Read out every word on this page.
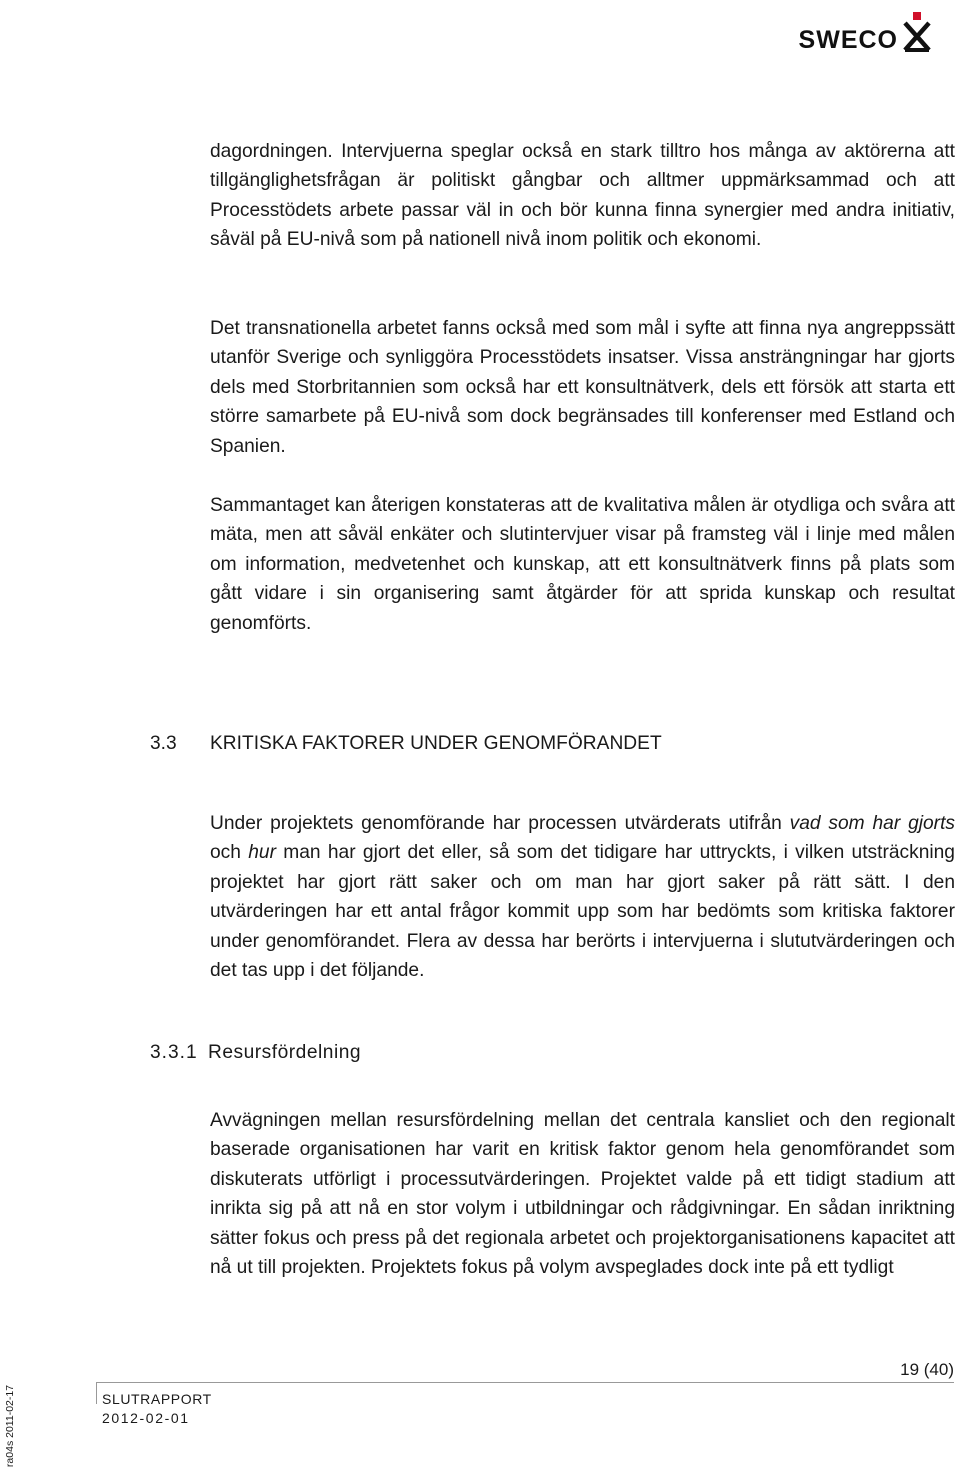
SWECO

dagordningen. Intervjuerna speglar också en stark tilltro hos många av aktörerna att tillgänglighetsfrågan är politiskt gångbar och alltmer uppmärksammad och att Processtödets arbete passar väl in och bör kunna finna synergier med andra initiativ, såväl på EU-nivå som på nationell nivå inom politik och ekonomi.

Det transnationella arbetet fanns också med som mål i syfte att finna nya angreppssätt utanför Sverige och synliggöra Processtödets insatser. Vissa ansträngningar har gjorts dels med Storbritannien som också har ett konsultnätverk, dels ett försök att starta ett större samarbete på EU-nivå som dock begränsades till konferenser med Estland och Spanien.

Sammantaget kan återigen konstateras att de kvalitativa målen är otydliga och svåra att mäta, men att såväl enkäter och slutintervjuer visar på framsteg väl i linje med målen om information, medvetenhet och kunskap, att ett konsultnätverk finns på plats som gått vidare i sin organisering samt åtgärder för att sprida kunskap och resultat genomförts.

3.3 KRITISKA FAKTORER UNDER GENOMFÖRANDET

Under projektets genomförande har processen utvärderats utifrån vad som har gjorts och hur man har gjort det eller, så som det tidigare har uttryckts, i vilken utsträckning projektet har gjort rätt saker och om man har gjort saker på rätt sätt. I den utvärderingen har ett antal frågor kommit upp som har bedömts som kritiska faktorer under genomförandet. Flera av dessa har berörts i intervjuerna i slututvärderingen och det tas upp i det följande.

3.3.1 Resursfördelning

Avvägningen mellan resursfördelning mellan det centrala kansliet och den regionalt baserade organisationen har varit en kritisk faktor genom hela genomförandet som diskuterats utförligt i processutvärderingen. Projektet valde på ett tidigt stadium att inrikta sig på att nå en stor volym i utbildningar och rådgivningar. En sådan inriktning sätter fokus och press på det regionala arbetet och projektorganisationens kapacitet att nå ut till projekten. Projektets fokus på volym avspeglades dock inte på ett tydligt

19 (40)
SLUTRAPPORT
2012-02-01
ra04s 2011-02-17
